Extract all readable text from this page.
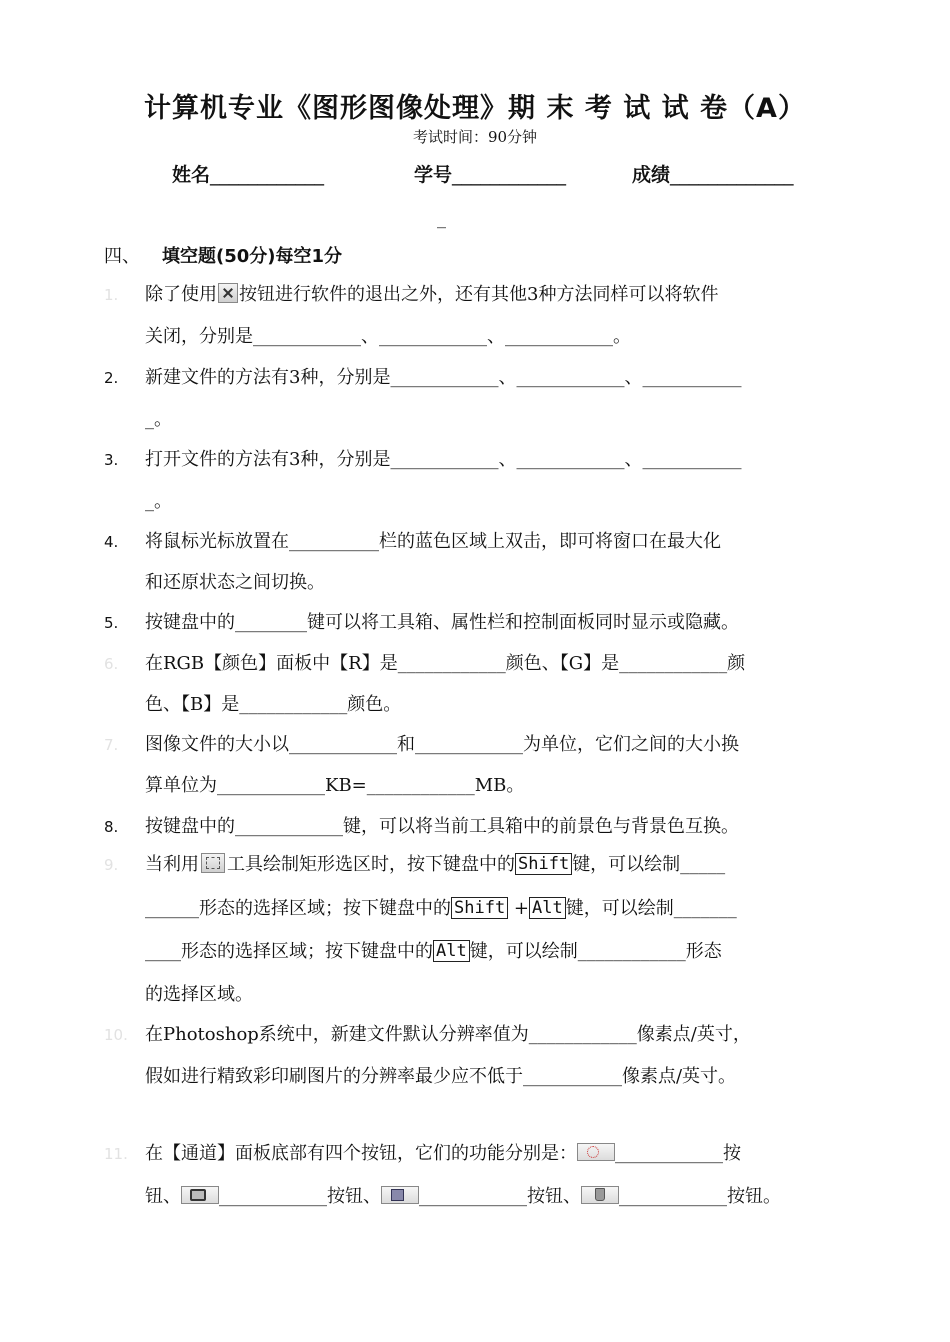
计算机专业《图形图像处理》期 末 考 试 试 卷（A）
考试时间：90分钟
姓名____________	学号____________	成绩_____________
_
四、 填空题(50分)每空1分
1. 除了使用 按钮进行软件的退出之外，还有其他3种方法同样可以将软件
关闭，分别是____________、____________、____________。
2. 新建文件的方法有3种，分别是____________、____________、___________
_。
3. 打开文件的方法有3种，分别是____________、____________、___________
_。
4. 将鼠标光标放置在__________栏的蓝色区域上双击，即可将窗口在最大化
和还原状态之间切换。
5. 按键盘中的________键可以将工具箱、属性栏和控制面板同时显示或隐藏。
6. 在RGB【颜色】面板中【R】是____________颜色、【G】是____________颜
色、【B】是____________颜色。
7. 图像文件的大小以____________和____________为单位，它们之间的大小换
算单位为____________KB=____________MB。
8. 按键盘中的____________键，可以将当前工具箱中的前景色与背景色互换。
9. 当利用 工具绘制矩形选区时，按下键盘中的 Shift 键，可以绘制_____
______形态的选择区域；按下键盘中的 Shift + Alt 键，可以绘制_______
____形态的选择区域；按下键盘中的 Alt 键，可以绘制____________形态
的选择区域。
10. 在Photoshop系统中，新建文件默认分辨率值为____________像素点/英寸，
假如进行精致彩印刷图片的分辨率最少应不低于___________像素点/英寸。
11. 在【通道】面板底部有四个按钮，它们的功能分别是： ____________按
钮、 ____________按钮、 ____________按钮、 ____________按钮。
